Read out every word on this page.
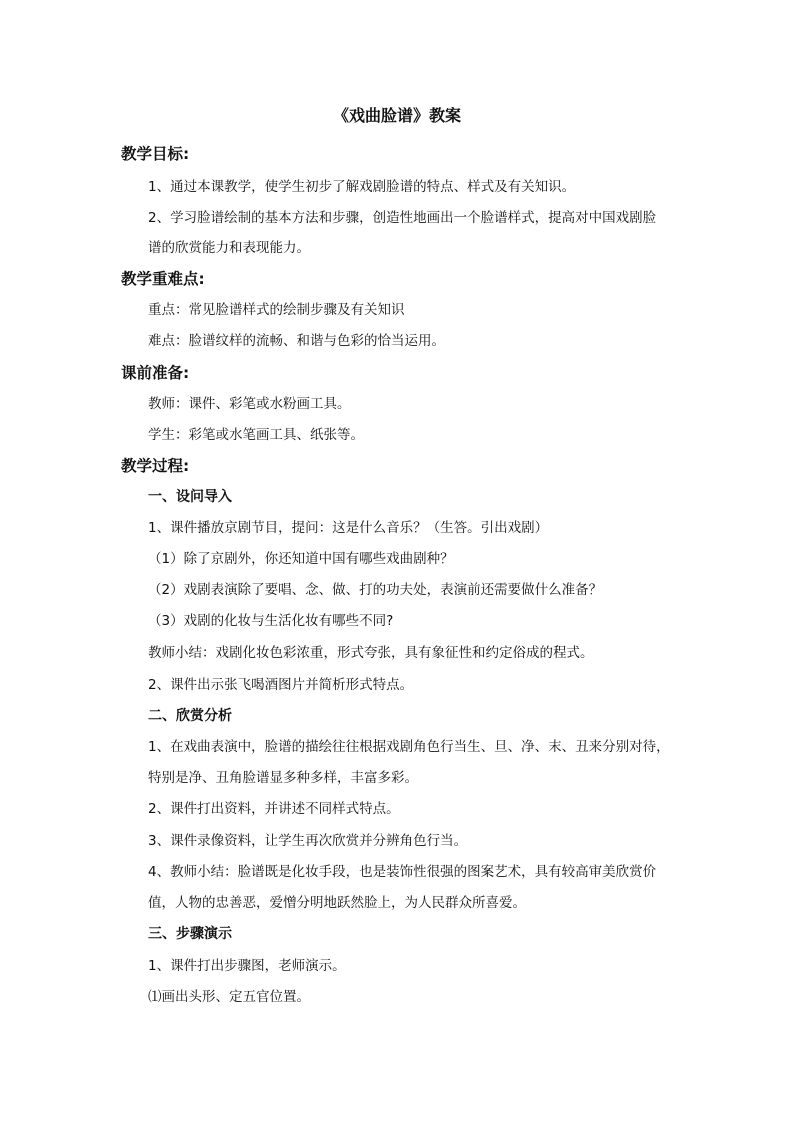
《戏曲脸谱》教案
教学目标:
1、通过本课教学，使学生初步了解戏剧脸谱的特点、样式及有关知识。
2、学习脸谱绘制的基本方法和步骤，创造性地画出一个脸谱样式，提高对中国戏剧脸
谱的欣赏能力和表现能力。
教学重难点:
重点：常见脸谱样式的绘制步骤及有关知识
难点：脸谱纹样的流畅、和谐与色彩的恰当运用。
课前准备:
教师：课件、彩笔或水粉画工具。
学生：彩笔或水笔画工具、纸张等。
教学过程:
一、设问导入
1、课件播放京剧节目，提问：这是什么音乐？（生答。引出戏剧）
（1）除了京剧外，你还知道中国有哪些戏曲剧种？
（2）戏剧表演除了要唱、念、做、打的功夫处，表演前还需要做什么准备？
（3）戏剧的化妆与生活化妆有哪些不同?
教师小结：戏剧化妆色彩浓重，形式夸张，具有象征性和约定俗成的程式。
2、课件出示张飞喝酒图片并简析形式特点。
二、欣赏分析
1、在戏曲表演中，脸谱的描绘往往根据戏剧角色行当生、旦、净、末、丑来分别对待，
特别是净、丑角脸谱显多种多样，丰富多彩。
2、课件打出资料，并讲述不同样式特点。
3、课件录像资料，让学生再次欣赏并分辨角色行当。
4、教师小结：脸谱既是化妆手段，也是装饰性很强的图案艺术，具有较高审美欣赏价
值，人物的忠善恶，爱憎分明地跃然脸上，为人民群众所喜爱。
三、步骤演示
1、课件打出步骤图，老师演示。
⑴画出头形、定五官位置。
